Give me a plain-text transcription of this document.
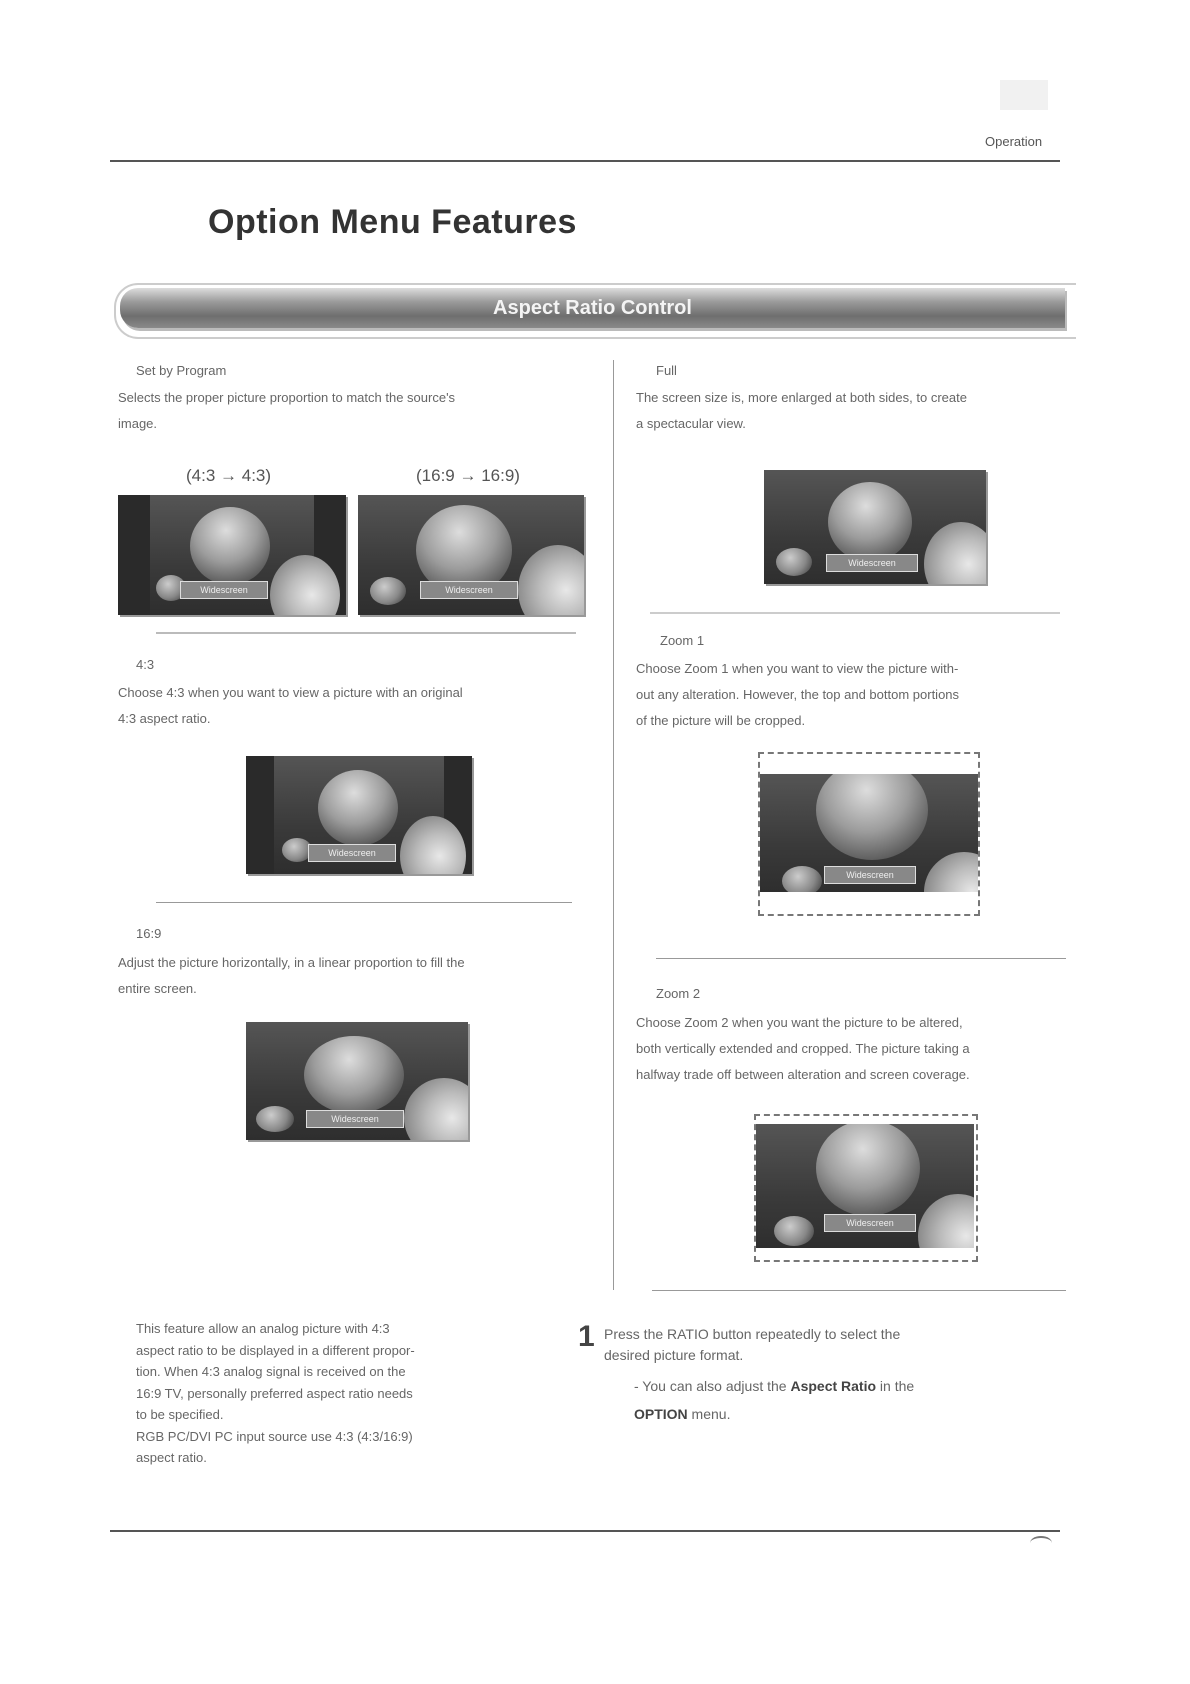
Operation
Option Menu Features
Aspect Ratio Control
Set by Program
Selects the proper picture proportion to match the source's
image.
(4:3 → 4:3)	(16:9 → 16:9)
Widescreen	Widescreen
4:3
Choose 4:3 when you want to view a picture with an original
4:3 aspect ratio.
Widescreen
16:9
Adjust the picture horizontally, in a linear proportion to fill the
entire screen.
Widescreen
Full
The screen size is, more enlarged at both sides, to create
a spectacular view.
Widescreen
Zoom 1
Choose Zoom 1 when you want to view the picture with-
out any alteration. However, the top and bottom portions
of the picture will be cropped.
Widescreen
Zoom 2
Choose Zoom 2 when you want the picture to be altered,
both vertically extended and cropped. The picture taking a
halfway trade off between alteration and screen coverage.
Widescreen
This feature allow an analog picture with 4:3
aspect ratio to be displayed in a different propor-
tion. When 4:3 analog signal is received on the
16:9 TV, personally preferred aspect ratio needs
to be specified.
RGB PC/DVI PC input source use 4:3 (4:3/16:9)
aspect ratio.
1 Press the RATIO button repeatedly to select the
desired picture format.
- You can also adjust the Aspect Ratio in the
OPTION menu.
